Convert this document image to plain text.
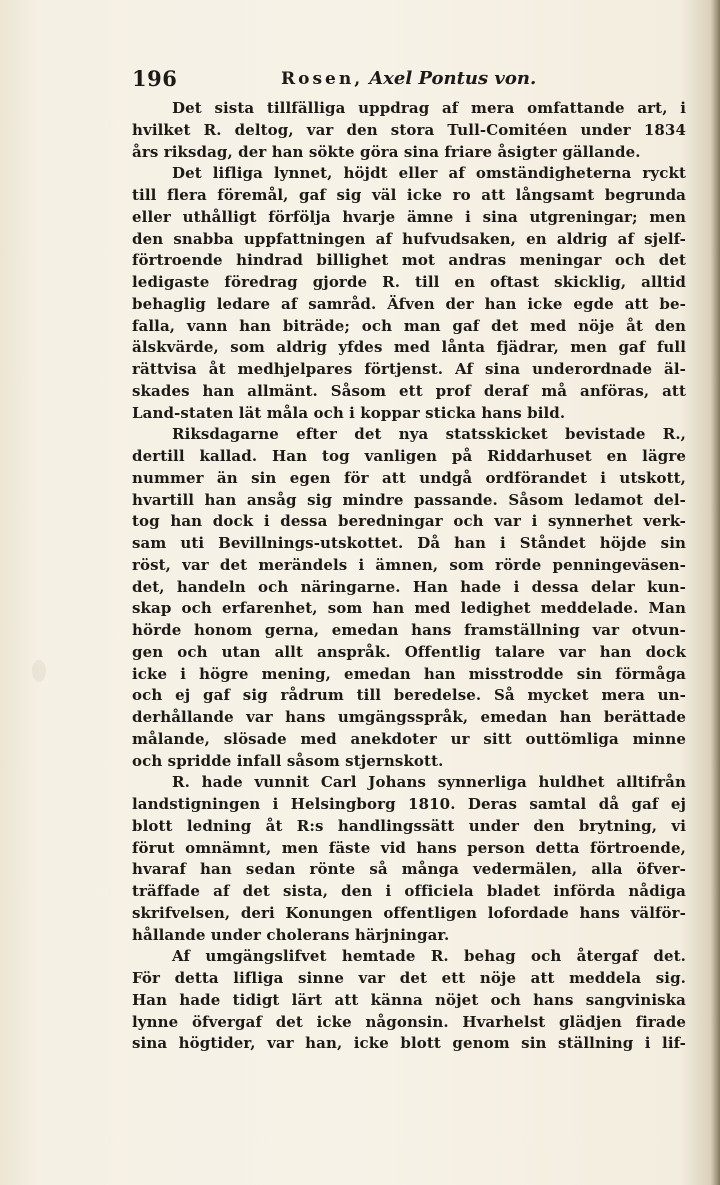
196	Rosen, Axel Pontus von.
Det sista tillfälliga uppdrag af mera omfattande art, i
hvilket R. deltog, var den stora Tull-Comitéen under 1834
års riksdag, der han sökte göra sina friare åsigter gällande.
Det lifliga lynnet, höjdt eller af omständigheterna ryckt
till flera föremål, gaf sig väl icke ro att långsamt begrunda
eller uthålligt förfölja hvarje ämne i sina utgreningar; men
den snabba uppfattningen af hufvudsaken, en aldrig af sjelf-
förtroende hindrad billighet mot andras meningar och det
ledigaste föredrag gjorde R. till en oftast skicklig, alltid
behaglig ledare af samråd. Äfven der han icke egde att be-
falla, vann han biträde; och man gaf det med nöje åt den
älskvärde, som aldrig yfdes med lånta fjädrar, men gaf full
rättvisa åt medhjelpares förtjenst. Af sina underordnade äl-
skades han allmänt. Såsom ett prof deraf må anföras, att
Land-staten lät måla och i koppar sticka hans bild.
Riksdagarne efter det nya statsskicket bevistade R.,
dertill kallad. Han tog vanligen på Riddarhuset en lägre
nummer än sin egen för att undgå ordförandet i utskott,
hvartill han ansåg sig mindre passande. Såsom ledamot del-
tog han dock i dessa beredningar och var i synnerhet verk-
sam uti Bevillnings-utskottet. Då han i Ståndet höjde sin
röst, var det merändels i ämnen, som rörde penningeväsen-
det, handeln och näringarne. Han hade i dessa delar kun-
skap och erfarenhet, som han med ledighet meddelade. Man
hörde honom gerna, emedan hans framställning var otvun-
gen och utan allt anspråk. Offentlig talare var han dock
icke i högre mening, emedan han misstrodde sin förmåga
och ej gaf sig rådrum till beredelse. Så mycket mera un-
derhållande var hans umgängsspråk, emedan han berättade
målande, slösade med anekdoter ur sitt outtömliga minne
och spridde infall såsom stjernskott.
R. hade vunnit Carl Johans synnerliga huldhet alltifrån
landstigningen i Helsingborg 1810. Deras samtal då gaf ej
blott ledning åt R:s handlingssätt under den brytning, vi
förut omnämnt, men fäste vid hans person detta förtroende,
hvaraf han sedan rönte så många vedermälen, alla öfver-
träffade af det sista, den i officiela bladet införda nådiga
skrifvelsen, deri Konungen offentligen lofordade hans välför-
hållande under cholerans härjningar.
Af umgängslifvet hemtade R. behag och återgaf det.
För detta lifliga sinne var det ett nöje att meddela sig.
Han hade tidigt lärt att känna nöjet och hans sangviniska
lynne öfvergaf det icke någonsin. Hvarhelst glädjen firade
sina högtider, var han, icke blott genom sin ställning i lif-
